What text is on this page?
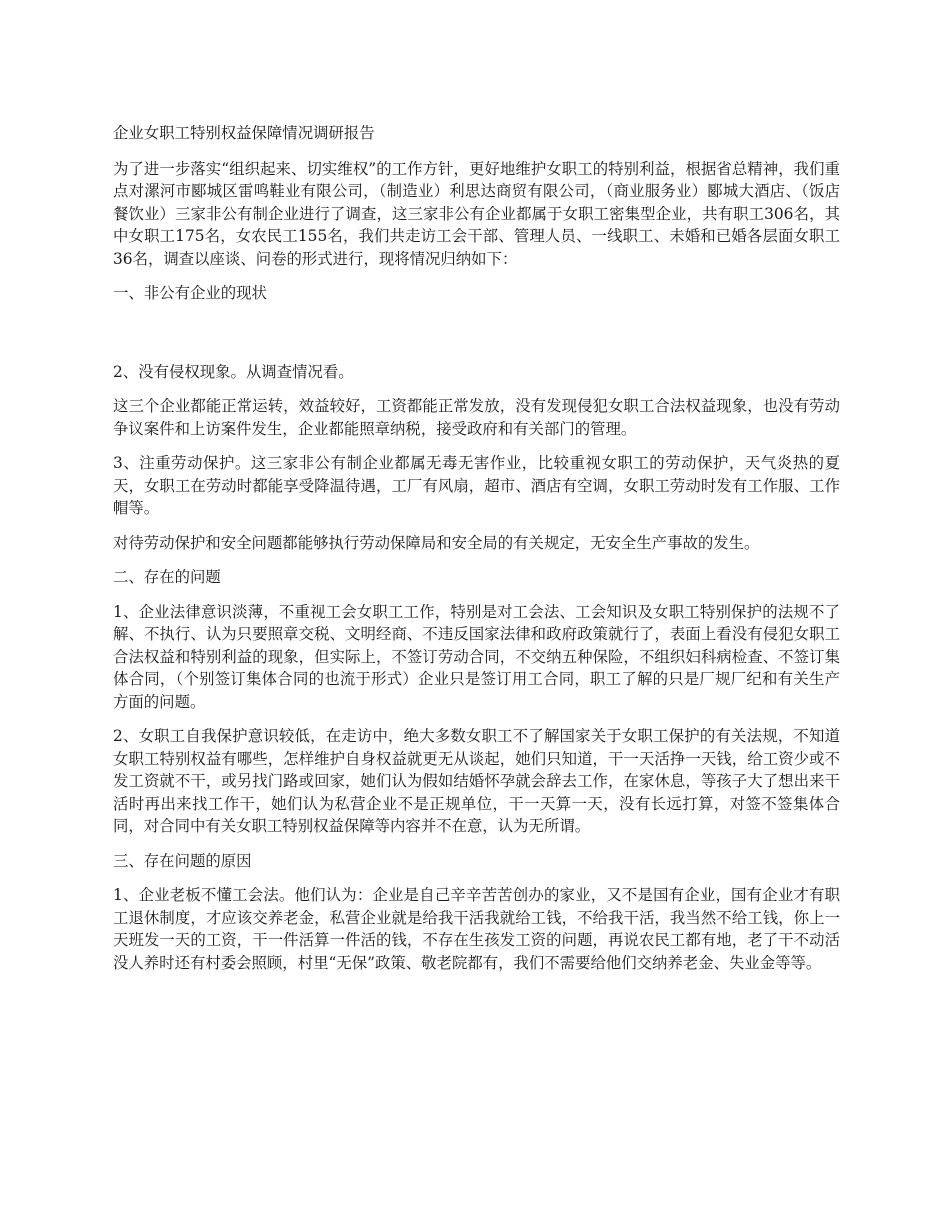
企业女职工特别权益保障情况调研报告

为了进一步落实“组织起来、切实维权”的工作方针，更好地维护女职工的特别利益，根据省总精神，我们重点对漯河市郾城区雷鸣鞋业有限公司，（制造业）利思达商贸有限公司，（商业服务业）郾城大酒店、（饭店餐饮业）三家非公有制企业进行了调查，这三家非公有企业都属于女职工密集型企业，共有职工306名，其中女职工175名，女农民工155名，我们共走访工会干部、管理人员、一线职工、未婚和已婚各层面女职工36名，调查以座谈、问卷的形式进行，现将情况归纳如下：

一、非公有企业的现状

2、没有侵权现象。从调查情况看。

这三个企业都能正常运转，效益较好，工资都能正常发放，没有发现侵犯女职工合法权益现象，也没有劳动争议案件和上访案件发生，企业都能照章纳税，接受政府和有关部门的管理。

3、注重劳动保护。这三家非公有制企业都属无毒无害作业，比较重视女职工的劳动保护，天气炎热的夏天，女职工在劳动时都能享受降温待遇，工厂有风扇，超市、酒店有空调，女职工劳动时发有工作服、工作帽等。

对待劳动保护和安全问题都能够执行劳动保障局和安全局的有关规定，无安全生产事故的发生。

二、存在的问题

1、企业法律意识淡薄，不重视工会女职工工作，特别是对工会法、工会知识及女职工特别保护的法规不了解、不执行、认为只要照章交税、文明经商、不违反国家法律和政府政策就行了，表面上看没有侵犯女职工合法权益和特别利益的现象，但实际上，不签订劳动合同，不交纳五种保险，不组织妇科病检查、不签订集体合同，（个别签订集体合同的也流于形式）企业只是签订用工合同，职工了解的只是厂规厂纪和有关生产方面的问题。

2、女职工自我保护意识较低，在走访中，绝大多数女职工不了解国家关于女职工保护的有关法规，不知道女职工特别权益有哪些，怎样维护自身权益就更无从谈起，她们只知道，干一天活挣一天钱，给工资少或不发工资就不干，或另找门路或回家，她们认为假如结婚怀孕就会辞去工作，在家休息，等孩子大了想出来干活时再出来找工作干，她们认为私营企业不是正规单位，干一天算一天，没有长远打算，对签不签集体合同，对合同中有关女职工特别权益保障等内容并不在意，认为无所谓。

三、存在问题的原因

1、企业老板不懂工会法。他们认为：企业是自己辛辛苦苦创办的家业，又不是国有企业，国有企业才有职工退休制度，才应该交养老金，私营企业就是给我干活我就给工钱，不给我干活，我当然不给工钱，你上一天班发一天的工资，干一件活算一件活的钱，不存在生孩发工资的问题，再说农民工都有地，老了干不动活没人养时还有村委会照顾，村里“无保”政策、敬老院都有，我们不需要给他们交纳养老金、失业金等等。
